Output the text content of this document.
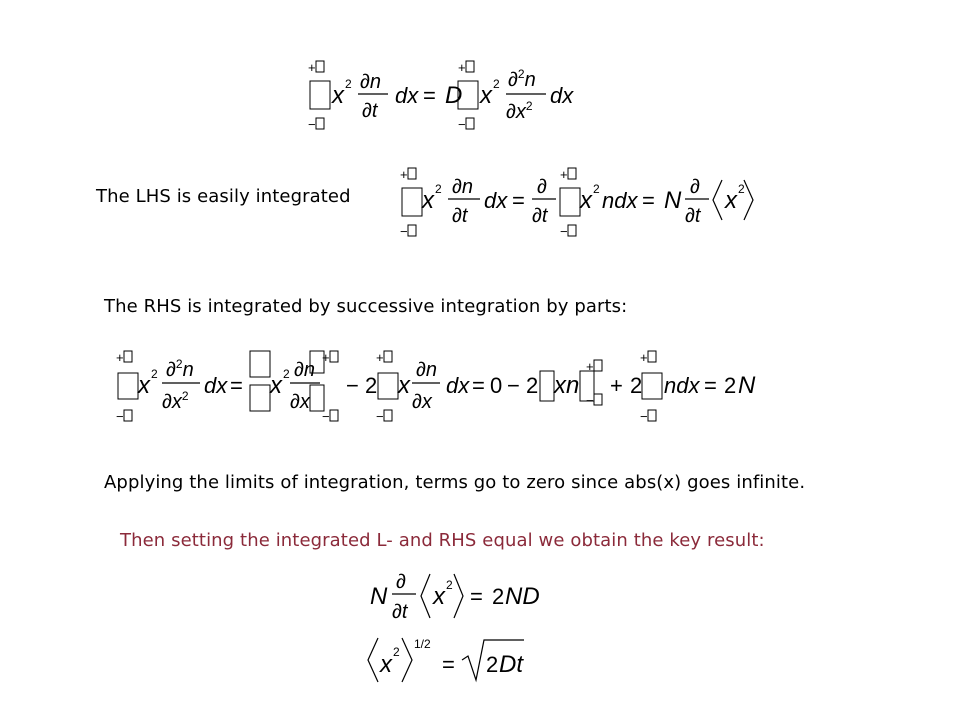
+
−
x 2 ∂n
∂t
dx = D
+
−
x 2 ∂$^2$n
$\partial x^2$ dx

The LHS is easily integrated

+
−
x 2 ∂n
∂t
dx =
∂
∂t
+
−
x 2 ndx = N ∂
∂t
x 2

The RHS is integrated by successive integration by parts:

+
−
x 2 ∂$^2$n
$\partial x^2$ dx = x 2 ∂n
∂x
+
−
− 2
+
−
x
∂n
∂x
dx = 0 − 2 xn
+
−
+ 2
+
−
ndx = 2 N

Applying the limits of integration, terms go to zero since abs(x) goes infinite.

Then setting the integrated L- and RHS equal we obtain the key result:

N
∂
∂t
x 2 = 2 ND
x 2
1/2
= 2 Dt
